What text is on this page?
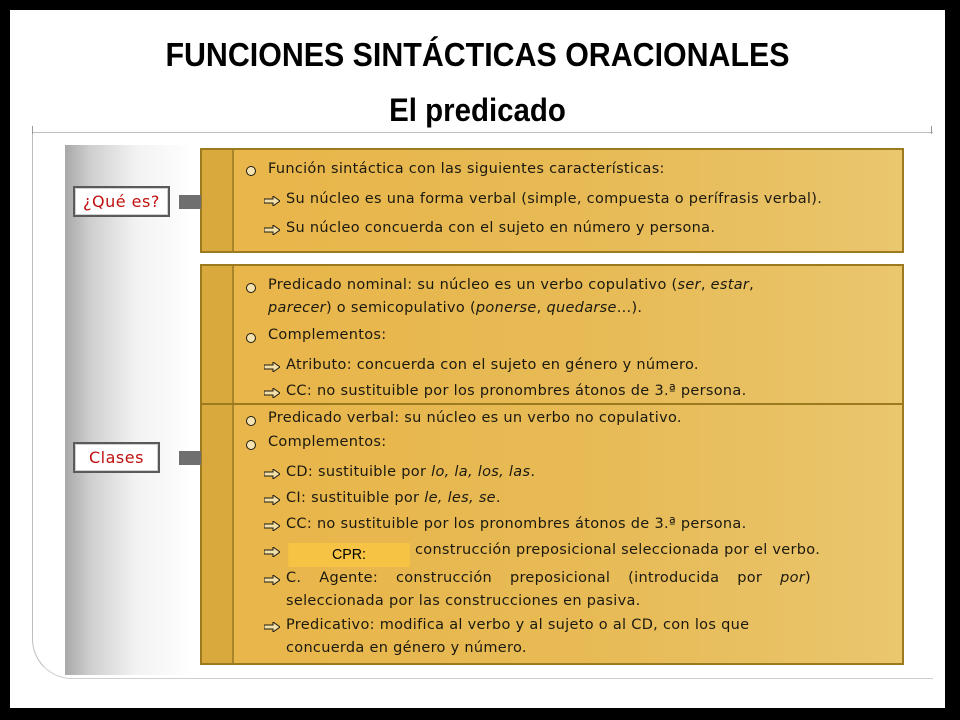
FUNCIONES SINTÁCTICAS ORACIONALES
El predicado
¿Qué es?
Función sintáctica con las siguientes características:
Su núcleo es una forma verbal (simple, compuesta o perífrasis verbal).
Su núcleo concuerda con el sujeto en número y persona.
Clases
Predicado nominal: su núcleo es un verbo copulativo (ser, estar,
parecer) o semicopulativo (ponerse, quedarse...).
Complementos:
Atributo: concuerda con el sujeto en género y número.
CC: no sustituible por los pronombres átonos de 3.ª persona.
Predicado verbal: su núcleo es un verbo no copulativo.
Complementos:
CD: sustituible por lo, la, los, las.
CI: sustituible por le, les, se.
CC: no sustituible por los pronombres átonos de 3.ª persona.
CPR:	construcción preposicional seleccionada por el verbo.
C. Agente: construcción preposicional (introducida por por)
seleccionada por las construcciones en pasiva.
Predicativo: modifica al verbo y al sujeto o al CD, con los que
concuerda en género y número.
